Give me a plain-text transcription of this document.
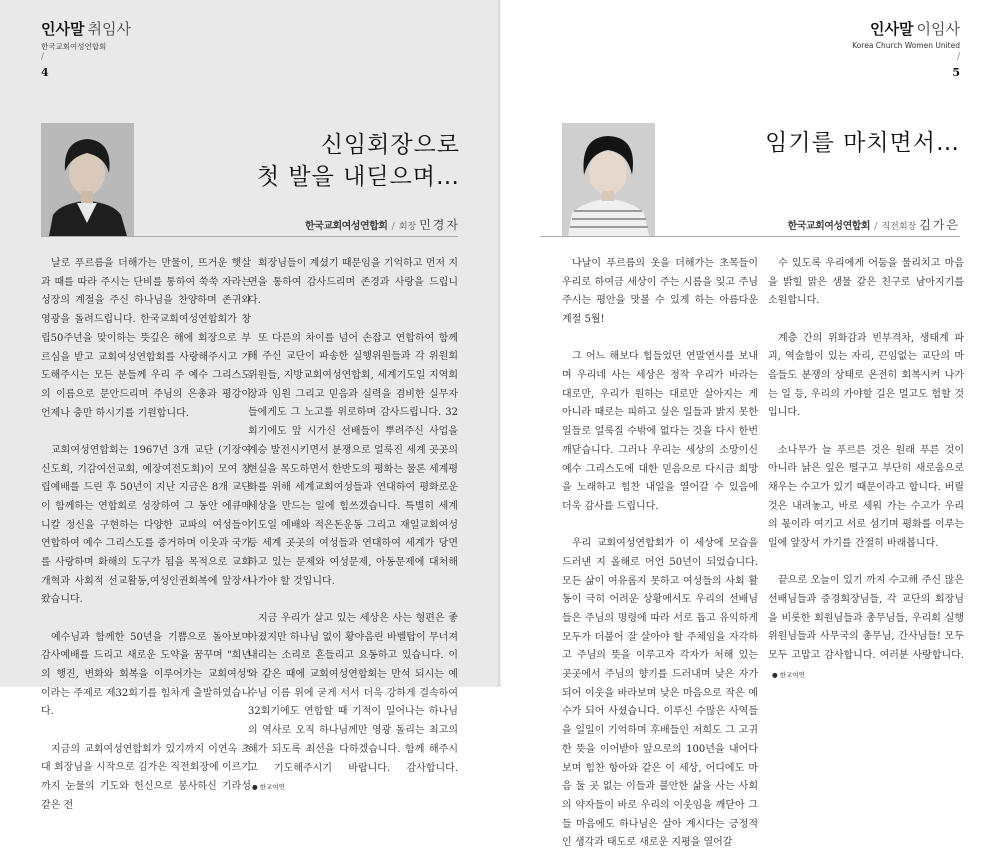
인사말 취임사
한국교회여성연합회
/
4
신임회장으로
첫 발을 내딛으며…
한국교회여성연합회 / 회장 민경자

날로 푸르름을 더해가는 만물이, 뜨거운 햇살과 때를 따라 주시는 단비를 통하여 쑥쑥 자라는 성장의 계절을 주신 하나님을 찬양하며 존귀와 영광을 돌려드립니다. 한국교회여성연합회가 창립50주년을 맞이하는 뜻깊은 해에 회장으로 부르심을 받고 교회여성연합회를 사랑해주시고 기도해주시는 모든 분들께 우리 주 예수 그리스도의 이름으로 문안드리며 주님의 은총과 평강이 언제나 충만 하시기를 기원합니다.

교회여성연합회는 1967년 3개 교단 (기장여신도회, 기감여선교회, 예장여전도회)이 모여 창립예배를 드린 후 50년이 지난 지금은 8개 교단이 함께하는 연합회로 성장하여 그 동안 에큐메니칼 정신을 구현하는 다양한 교파의 여성들이 연합하여 예수 그리스도를 증거하며 이웃과 국가를 사랑하며 화해의 도구가 됨을 목적으로 교회개혁과 사회적 선교활동,여성인권회복에 앞장서 왔습니다.

예수님과 함께한 50년을 기쁨으로 돌아보며 감사예배를 드리고 새로운 도약을 꿈꾸며 "희년의 행진, 변화와 회복을 이루어가는 교회여성" 이라는 주제로 제32회기를 힘차게 출발하였습니다.

지금의 교회여성연합회가 있기까지 이연옥 초대 회장님을 시작으로 김가은 직전회장에 이르기까지 눈물의 기도와 헌신으로 봉사하신 기라성 같은 전

회장님들이 계셨기 때문임을 기억하고 먼저 지면을 통하여 감사드리며 존경과 사랑을 드립니다.

또 다른의 차이를 넘어 손잡고 연합하여 함께해 주신 교단이 파송한 실행위원들과 각 위원회위원들, 지방교회여성연합회, 세계기도일 지역회장과 임원 그리고 믿음과 실력을 겸비한 실무자들에게도 그 노고를 위로하며 감사드립니다. 32회기에도 앞 시가신 선배들이 뿌려주신 사업을 계승 발전시키면서 분쟁으로 얼룩진 세계 곳곳의 현실을 목도하면서 한반도의 평화는 물론 세계평화를 위해 세계교회여성들과 연대하여 평화로운 세상을 만드는 일에 힘쓰겠습니다. 특별히 세계기도일 예배와 적은돈운동 그리고 재일교회여성 등 세계 곳곳의 여성들과 연대하여 세계가 당면하고 있는 문제와 여성문제, 아동문제에 대처해 나가야 할 것입니다.

지금 우리가 살고 있는 세상은 사는 형편은 좋아졌지만 하나님 없이 황야음린 바벨탑이 무너져 내리는 소리로 흔들리고 요동하고 있습니다. 이와 같은 때에 교회여성연합회는 만석 되시는 예수님 이름 위에 굳게 서서 더욱 강하게 결속하여 32회기에도 연합할 때 기적이 일어나는 하나님의 역사로 오직 하나님께만 영광 돌리는 최고의 해가 되도록 최선을 다하겠습니다. 함께 해주시고 기도해주시기 바랍니다. 감사합니다. ● 한교여연

인사말 이임사
Korea Church Women United
/
5
임기를 마치면서…
한국교회여성연합회 / 직전회장 김가은

나날이 푸르름의 옷을 더해가는 초목들이 우리로 하여금 세상이 주는 시름을 잊고 주님 주시는 평안을 맛볼 수 있게 하는 아름다운 계절 5월!

그 어느 해보다 힘들었던 연말연시를 보내며 우리네 사는 세상은 정작 우리가 바라는 대로만, 우리가 원하는 대로만 살아지는 게 아니라 때로는 피하고 싶은 일들과 밝지 못한 일들로 얼룩질 수밖에 없다는 것을 다시 한번 깨닫습니다. 그러나 우리는 세상의 소망이신 예수 그리스도에 대한 믿음으로 다시금 희망을 노래하고 힘찬 내일을 열어갈 수 있음에 더욱 감사를 드립니다.

우리 교회여성연합회가 이 세상에 모습을 드러낸 지 올해로 어언 50년이 되었습니다. 모든 삶이 여유롭지 못하고 여성들의 사회 활동이 극히 어려운 상황에서도 우리의 선배님들은 주님의 명령에 따라 서로 돕고 유익하게 모두가 더불어 잘 살아야 할 주체임을 자각하고 주님의 뜻을 이루고자 각자가 처해 있는 곳곳에서 주님의 향기를 드러내며 낮은 자가 되어 이웃을 바라보며 낮은 마음으로 작은 예수가 되어 사셨습니다. 이루신 수많은 사역들을 일일이 기억하며 후배들인 저희도 그 고귀한 뜻을 이어받아 앞으로의 100년을 내어다 보며 힘찬 항아와 같은 이 세상, 어디에도 마음 둘 곳 없는 이들과 불안한 삶을 사는 사회의 약자들이 바로 우리의 이웃임을 깨닫아 그들 마음에도 하나님은 살아 계시다는 긍정적인 생각과 태도로 새로운 지평을 열어갈

수 있도록 우리에게 어둠을 물리치고 마음을 밝힐 맑은 샘물 같은 친구로 남아지기를 소원합니다.

계층 간의 위화감과 빈부격차, 생태계 파괴, 역술함이 있는 자리, 끈임없는 교단의 마음들도 분쟁의 상태로 온전히 회복시켜 나가는 일 등, 우리의 가야할 길은 멀고도 험할 것입니다.

소나무가 늘 푸르른 것은 원래 푸른 것이 아니라 낡은 잎은 떨구고 부단히 새로움으로 채우는 수고가 있기 때문이라고 합니다. 버릴 것은 내려놓고, 바로 세워 가는 수고가 우리의 몫이라 여기고 서로 섬기며 평화를 이루는 일에 앞장서 가기를 간절히 바래봅니다.

끝으로 오늘이 있기 까지 수고해 주신 많은 선배님들과 증경회장님들, 각 교단의 회장님을 비롯한 회원님들과 총무님들, 우리회 실행위원님들과 사무국의 총무님, 간사님들! 모두 모두 고맙고 감사합니다. 여러분 사랑합니다. ● 한교여연
